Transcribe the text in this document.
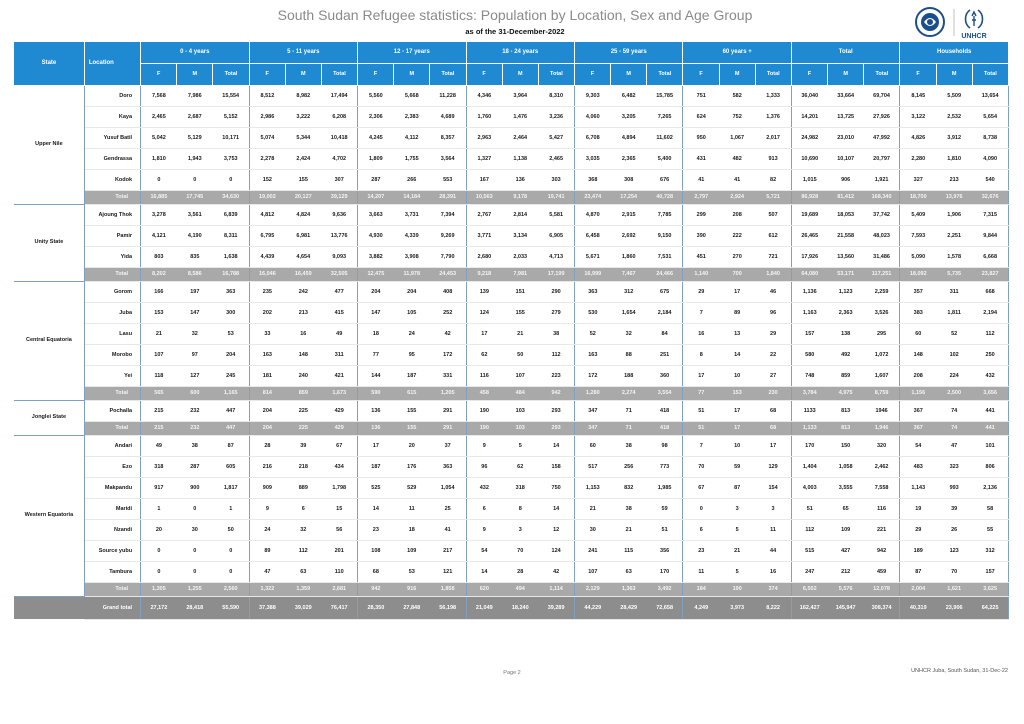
South Sudan Refugee statistics: Population by Location, Sex and Age Group
as of the 31-December-2022
UNHCR
State	Location	0 - 4 years			5 - 11 years			12 - 17 years			18 - 24 years			25 - 59 years			60 years +			Total			Households		
		F	M	Total	F	M	Total	F	M	Total	F	M	Total	F	M	Total	F	M	Total	F	M	Total	F	M	Total
Upper Nile	Doro	7,568	7,986	15,554	8,512	8,982	17,494	5,560	5,668	11,228	4,346	3,964	8,310	9,303	6,482	15,785	751	582	1,333	36,040	33,664	69,704	8,145	5,509	13,654
	Kaya	2,465	2,687	5,152	2,986	3,222	6,208	2,306	2,383	4,689	1,760	1,476	3,236	4,060	3,205	7,265	624	752	1,376	14,201	13,725	27,926	3,122	2,532	5,654
	Yusuf Batil	5,042	5,129	10,171	5,074	5,344	10,418	4,245	4,112	8,357	2,963	2,464	5,427	6,708	4,894	11,602	950	1,067	2,017	24,982	23,010	47,992	4,826	3,912	8,738
	Gendrassa	1,810	1,943	3,753	2,278	2,424	4,702	1,809	1,755	3,564	1,327	1,138	2,465	3,035	2,365	5,400	431	482	913	10,690	10,107	20,797	2,280	1,810	4,090
	Kodok	0	0	0	152	155	307	287	266	553	167	136	303	368	308	676	41	41	82	1,015	906	1,921	327	213	540
	Total	16,885	17,745	34,630	19,002	20,127	39,129	14,207	14,184	28,391	10,563	9,178	19,741	23,474	17,254	40,728	2,797	2,924	5,721	86,928	81,412	168,340	18,700	13,976	32,676
Unity State	Ajoung Thok	3,278	3,561	6,839	4,812	4,824	9,636	3,663	3,731	7,394	2,767	2,814	5,581	4,870	2,915	7,785	299	208	507	19,689	18,053	37,742	5,409	1,906	7,315
	Pamir	4,121	4,190	8,311	6,795	6,981	13,776	4,930	4,339	9,269	3,771	3,134	6,905	6,458	2,692	9,150	390	222	612	26,465	21,558	48,023	7,593	2,251	9,844
	Yida	803	835	1,638	4,439	4,654	9,093	3,882	3,908	7,790	2,680	2,033	4,713	5,671	1,860	7,531	451	270	721	17,926	13,560	31,486	5,090	1,578	6,668
	Total	8,202	8,586	16,788	16,046	16,459	32,505	12,475	11,978	24,453	9,218	7,981	17,199	16,999	7,467	24,466	1,140	700	1,840	64,080	53,171	117,251	18,092	5,735	23,827
Central Equatoria	Gorom	166	197	363	235	242	477	204	204	408	139	151	290	363	312	675	29	17	46	1,136	1,123	2,259	357	311	668
	Juba	153	147	300	202	213	415	147	105	252	124	155	279	530	1,654	2,184	7	89	96	1,163	2,363	3,526	383	1,811	2,194
	Lasu	21	32	53	33	16	49	18	24	42	17	21	38	52	32	84	16	13	29	157	138	295	60	52	112
	Morobo	107	97	204	163	148	311	77	95	172	62	50	112	163	88	251	8	14	22	580	492	1,072	148	102	250
	Yei	118	127	245	181	240	421	144	187	331	116	107	223	172	188	360	17	10	27	748	859	1,607	208	224	432
	Total	565	600	1,165	814	859	1,673	590	615	1,205	458	484	942	1,280	2,274	3,554	77	153	230	3,784	4,975	8,759	1,156	2,500	3,656
Jonglei State	Pochalla	215	232	447	204	225	429	136	155	291	190	103	293	347	71	418	51	17	68	1133	813	1946	367	74	441
	Total	215	232	447	204	225	429	136	155	291	190	103	293	347	71	418	51	17	68	1,133	813	1,946	367	74	441
Western Equatoria	Andari	49	38	87	28	39	67	17	20	37	9	5	14	60	38	98	7	10	17	170	150	320	54	47	101
	Ezo	318	287	605	216	218	434	187	176	363	96	62	158	517	256	773	70	59	129	1,404	1,058	2,462	483	323	806
	Makpandu	917	900	1,817	909	889	1,798	525	529	1,054	432	318	750	1,153	832	1,985	67	87	154	4,003	3,555	7,558	1,143	993	2,136
	Maridi	1	0	1	9	6	15	14	11	25	6	8	14	21	38	59	0	3	3	51	65	116	19	39	58
	Nzandi	20	30	50	24	32	56	23	18	41	9	3	12	30	21	51	6	5	11	112	109	221	29	26	55
	Source yubu	0	0	0	89	112	201	108	109	217	54	70	124	241	115	356	23	21	44	515	427	942	189	123	312
	Tambura	0	0	0	47	63	110	68	53	121	14	28	42	107	63	170	11	5	16	247	212	459	87	70	157
	Total	1,305	1,255	2,560	1,322	1,359	2,681	942	916	1,858	620	494	1,114	2,129	1,363	3,492	184	190	374	6,502	5,576	12,078	2,004	1,621	3,625
	Grand total	27,172	28,418	55,590	37,388	39,029	76,417	28,350	27,848	56,198	21,049	18,240	39,289	44,229	28,429	72,658	4,249	3,973	8,222	162,427	145,947	308,374	40,319	23,906	64,225
Page 2	UNHCR Juba, South Sudan, 31-Dec-22
